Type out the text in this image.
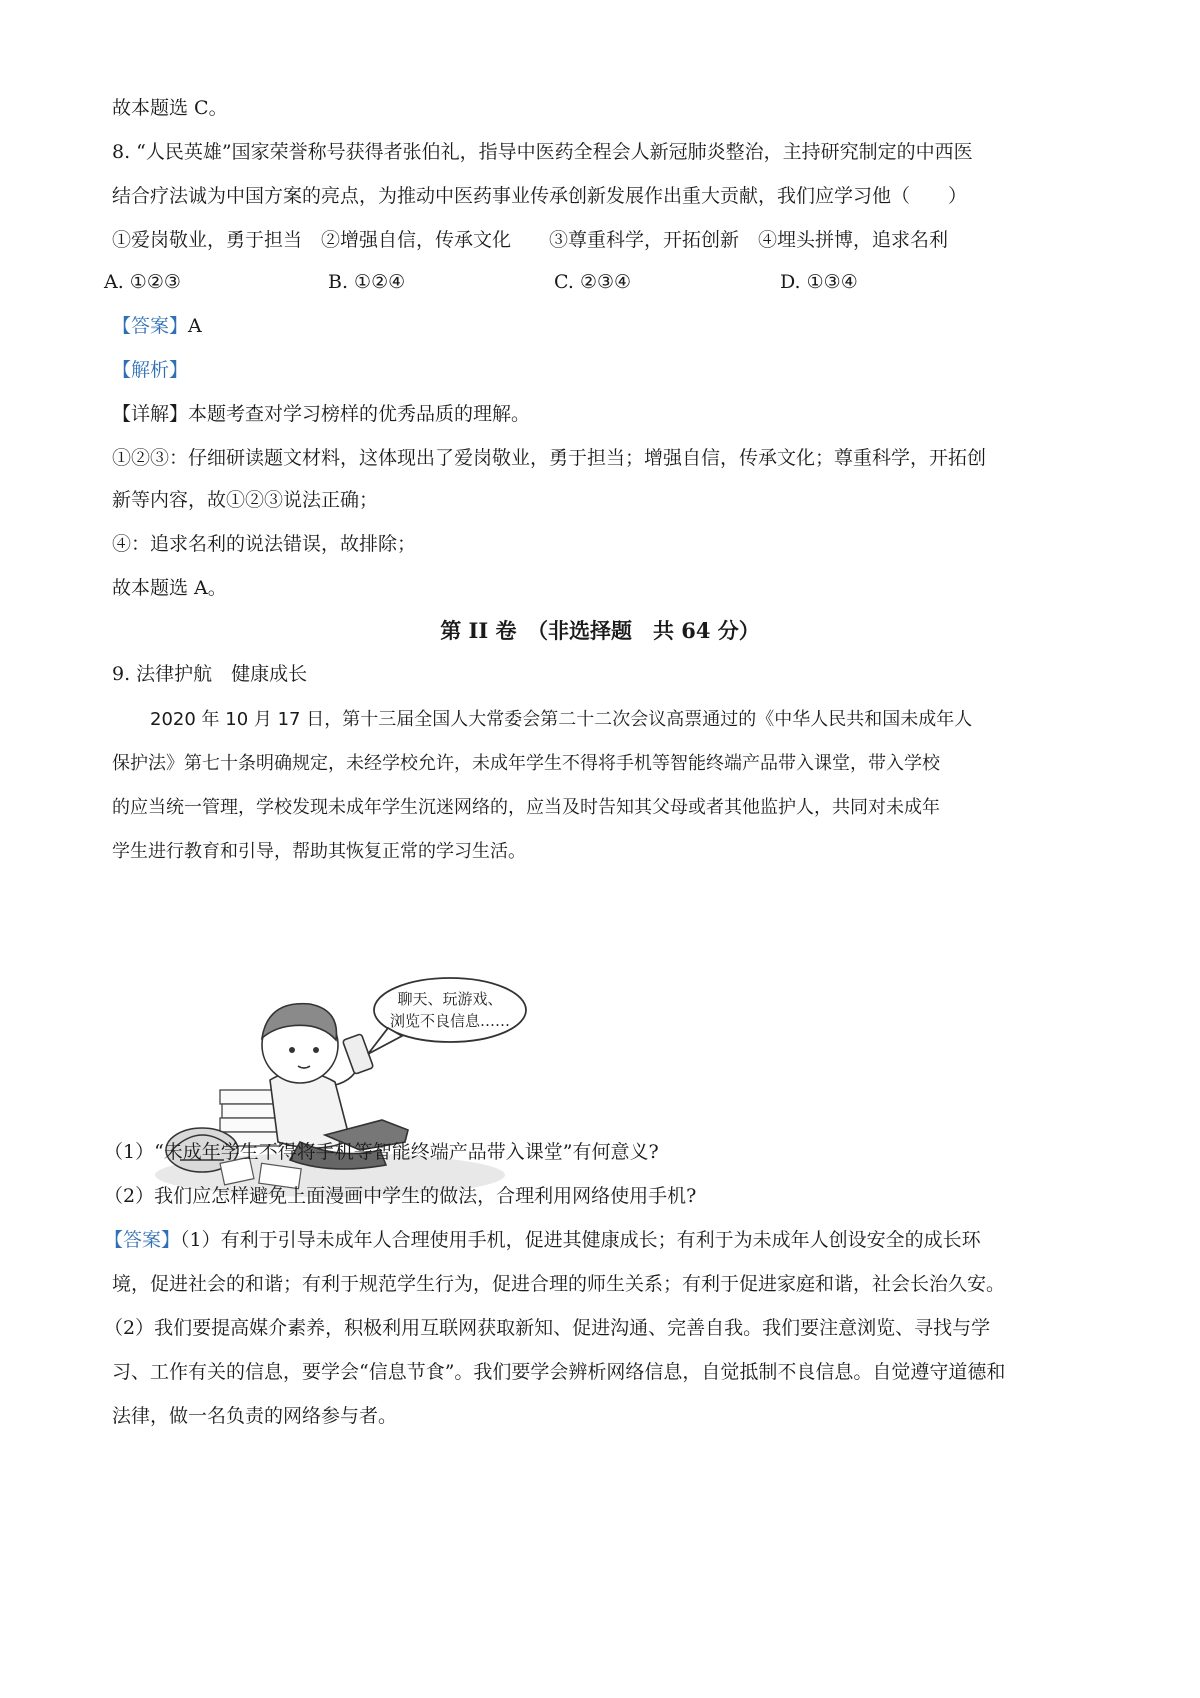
故本题选 C。
8. “人民英雄”国家荣誉称号获得者张伯礼，指导中医药全程会人新冠肺炎整治，主持研究制定的中西医
结合疗法诚为中国方案的亮点，为推动中医药事业传承创新发展作出重大贡献，我们应学习他（　　）
①爱岗敬业，勇于担当　②增强自信，传承文化　　③尊重科学，开拓创新　④埋头拼博，追求名利
A. ①②③	B. ①②④	C. ②③④	D. ①③④
【答案】A
【解析】
【详解】本题考查对学习榜样的优秀品质的理解。
①②③：仔细研读题文材料，这体现出了爱岗敬业，勇于担当；增强自信，传承文化；尊重科学，开拓创
新等内容，故①②③说法正确；
④：追求名利的说法错误，故排除；
故本题选 A。
第 II 卷　（非选择题　共 64 分）
9. 法律护航　健康成长
2020 年 10 月 17 日，第十三届全国人大常委会第二十二次会议高票通过的《中华人民共和国未成年人
保护法》第七十条明确规定，未经学校允许，未成年学生不得将手机等智能终端产品带入课堂，带入学校
的应当统一管理，学校发现未成年学生沉迷网络的，应当及时告知其父母或者其他监护人，共同对未成年
学生进行教育和引导，帮助其恢复正常的学习生活。
聊天、玩游戏、
浏览不良信息……
（1）“未成年学生不得将手机等智能终端产品带入课堂”有何意义?
（2）我们应怎样避免上面漫画中学生的做法，合理利用网络使用手机?
【答案】（1）有利于引导未成年人合理使用手机，促进其健康成长；有利于为未成年人创设安全的成长环
境，促进社会的和谐；有利于规范学生行为，促进合理的师生关系；有利于促进家庭和谐，社会长治久安。
（2）我们要提高媒介素养，积极利用互联网获取新知、促进沟通、完善自我。我们要注意浏览、寻找与学
习、工作有关的信息，要学会“信息节食”。我们要学会辨析网络信息，自觉抵制不良信息。自觉遵守道德和
法律，做一名负责的网络参与者。
